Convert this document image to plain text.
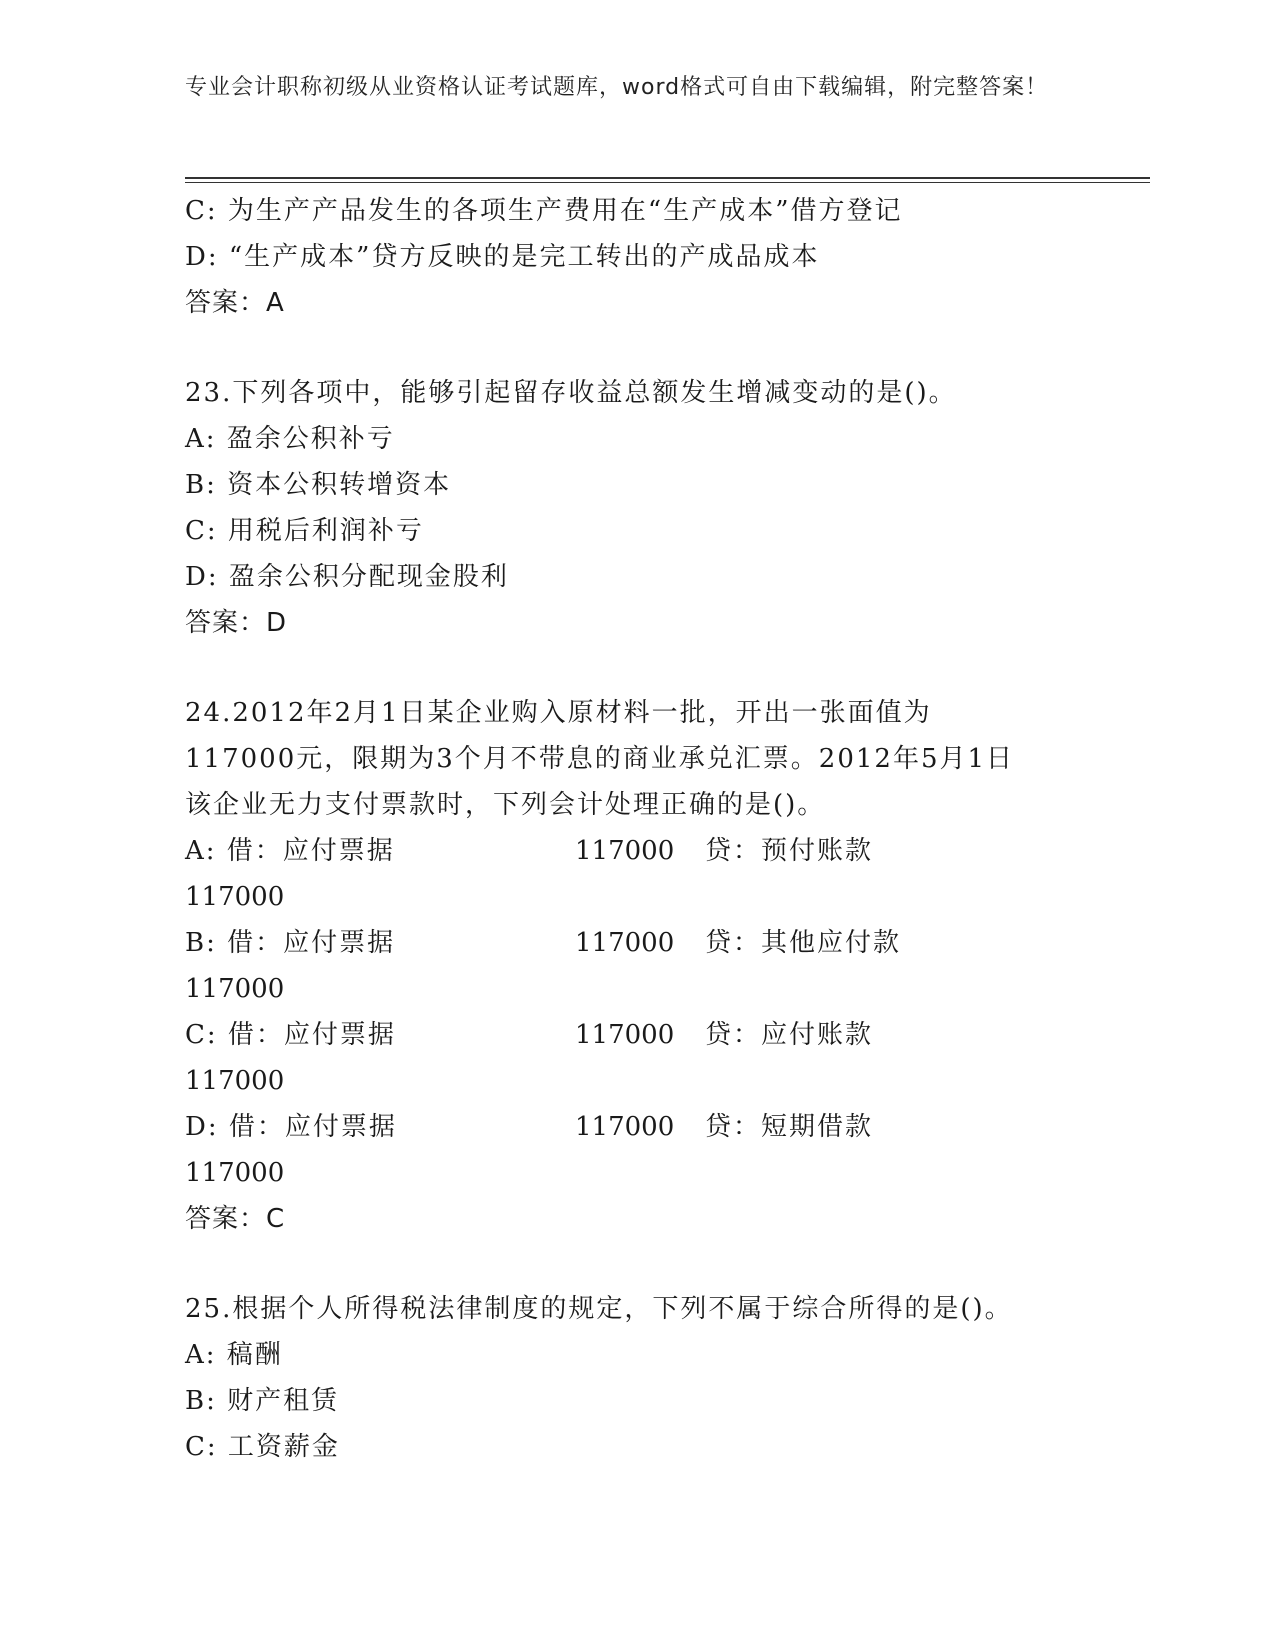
专业会计职称初级从业资格认证考试题库，word格式可自由下载编辑，附完整答案！
C: 为生产产品发生的各项生产费用在“生产成本”借方登记
D: “生产成本”贷方反映的是完工转出的产成品成本
答案：A
23.下列各项中，能够引起留存收益总额发生增减变动的是()。
A: 盈余公积补亏
B: 资本公积转增资本
C: 用税后利润补亏
D: 盈余公积分配现金股利
答案：D
24.2012年2月1日某企业购入原材料一批，开出一张面值为117000元，限期为3个月不带息的商业承兑汇票。2012年5月1日该企业无力支付票款时，下列会计处理正确的是()。
A: 借：应付票据	117000 贷：预付账款
117000
B: 借：应付票据	117000 贷：其他应付款
117000
C: 借：应付票据	117000 贷：应付账款
117000
D: 借：应付票据	117000 贷：短期借款
117000
答案：C
25.根据个人所得税法律制度的规定，下列不属于综合所得的是()。
A: 稿酬
B: 财产租赁
C: 工资薪金
